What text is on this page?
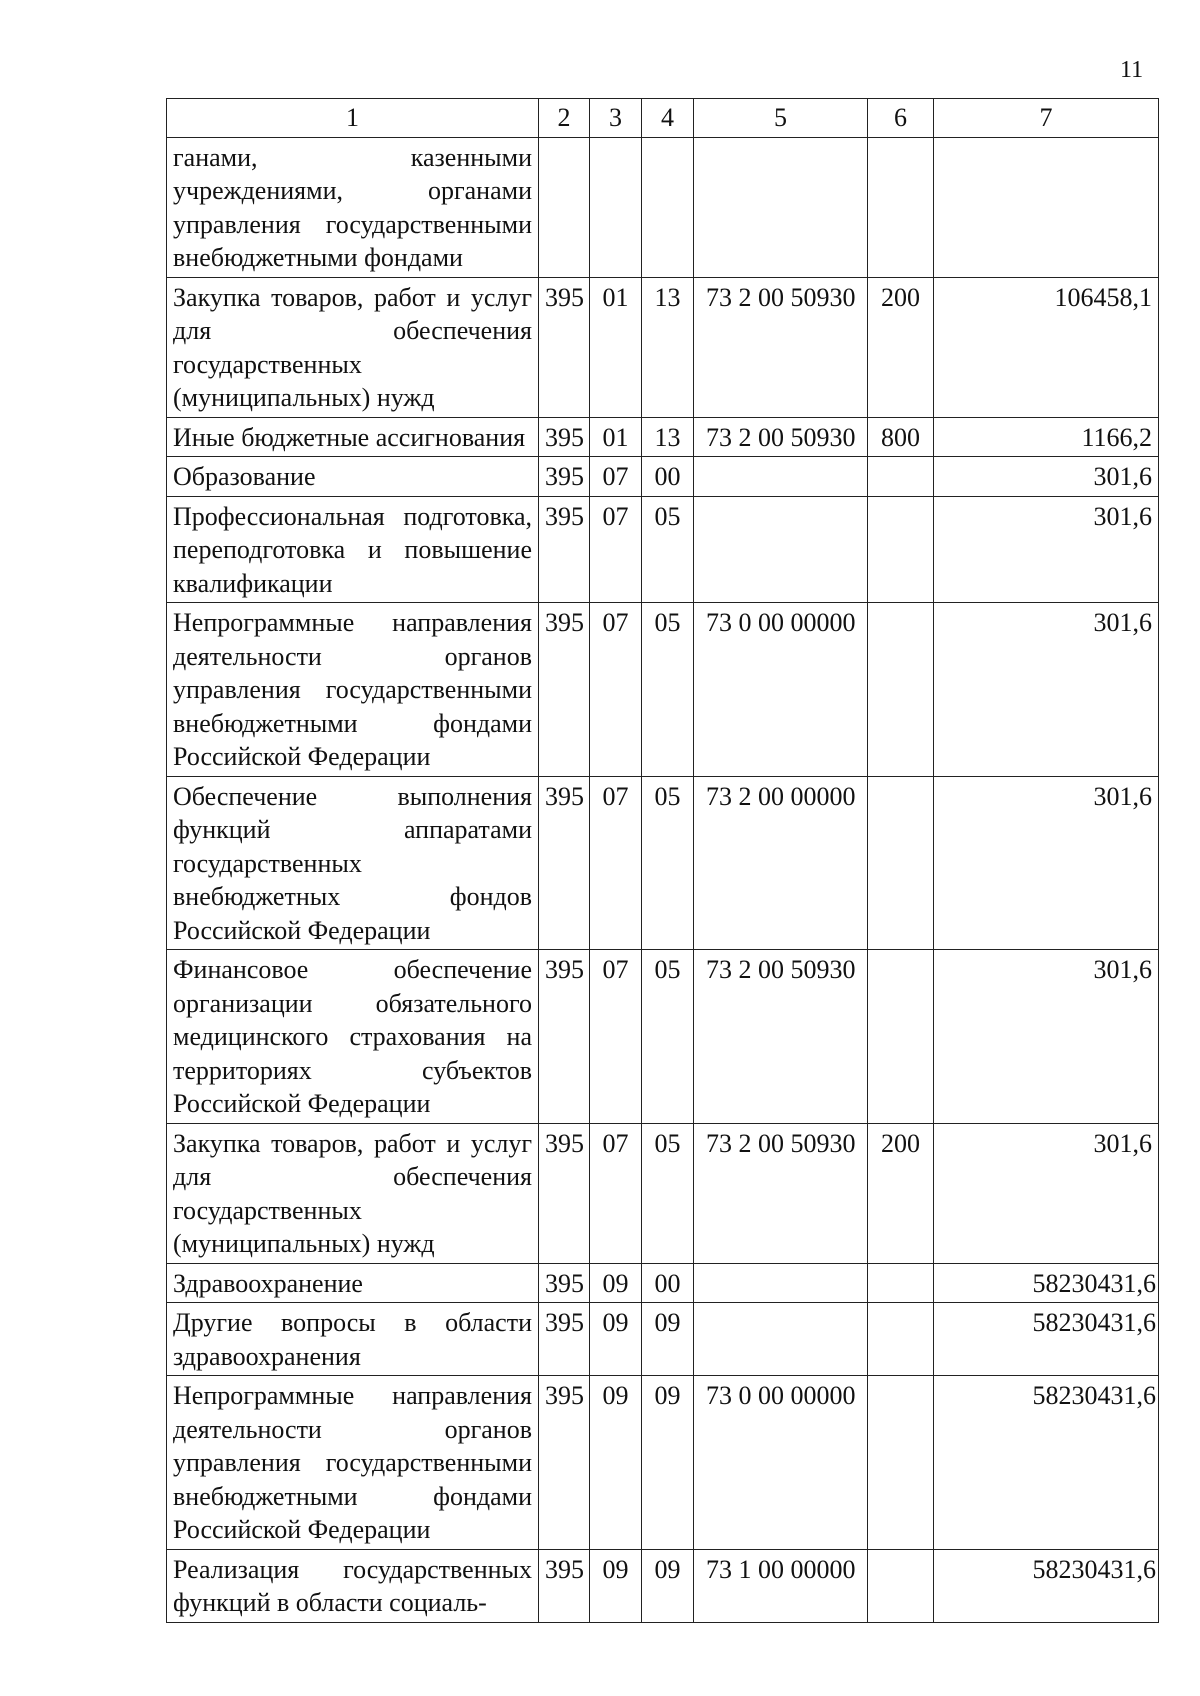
11
1	2	3	4	5	6	7
ганами, казенными учреждениями, органами управления государственными внебюджетными фондами						
Закупка товаров, работ и услуг для обеспечения государственных (муниципальных) нужд	395	01	13	73 2 00 50930	200	106458,1
Иные бюджетные ассигнования	395	01	13	73 2 00 50930	800	1166,2
Образование	395	07	00			301,6
Профессиональная подготовка, переподготовка и повышение квалификации	395	07	05			301,6
Непрограммные направления деятельности органов управления государственными внебюджетными фондами Российской Федерации	395	07	05	73 0 00 00000		301,6
Обеспечение выполнения функций аппаратами государственных внебюджетных фондов Российской Федерации	395	07	05	73 2 00 00000		301,6
Финансовое обеспечение организации обязательного медицинского страхования на территориях субъектов Российской Федерации	395	07	05	73 2 00 50930		301,6
Закупка товаров, работ и услуг для обеспечения государственных (муниципальных) нужд	395	07	05	73 2 00 50930	200	301,6
Здравоохранение	395	09	00			58230431,6
Другие вопросы в области здравоохранения	395	09	09			58230431,6
Непрограммные направления деятельности органов управления государственными внебюджетными фондами Российской Федерации	395	09	09	73 0 00 00000		58230431,6
Реализация государственных функций в области социаль-	395	09	09	73 1 00 00000		58230431,6
